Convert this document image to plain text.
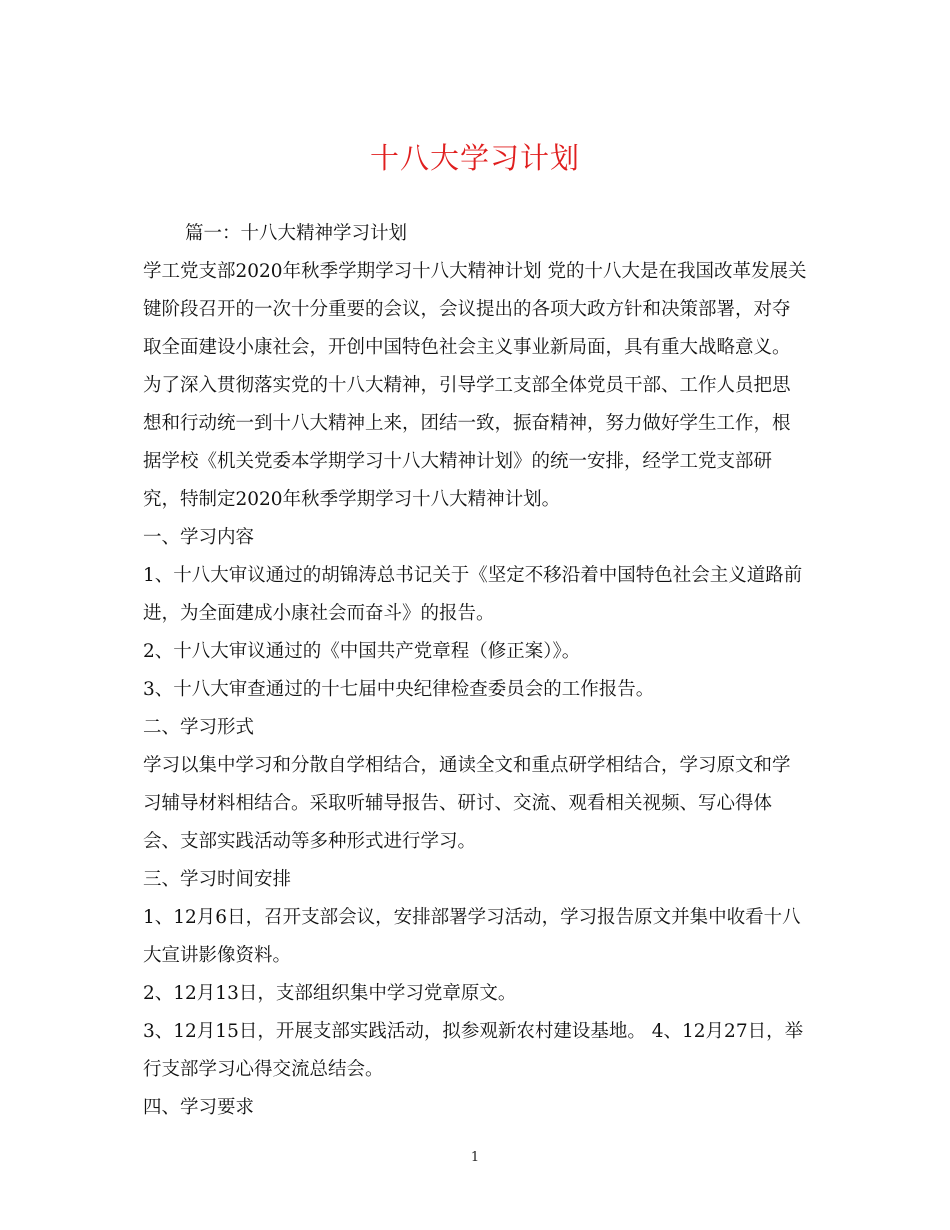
十八大学习计划
篇一：十八大精神学习计划
学工党支部2020年秋季学期学习十八大精神计划 党的十八大是在我国改革发展关
键阶段召开的一次十分重要的会议，会议提出的各项大政方针和决策部署，对夺
取全面建设小康社会，开创中国特色社会主义事业新局面，具有重大战略意义。
为了深入贯彻落实党的十八大精神，引导学工支部全体党员干部、工作人员把思
想和行动统一到十八大精神上来，团结一致，振奋精神，努力做好学生工作，根
据学校《机关党委本学期学习十八大精神计划》的统一安排，经学工党支部研
究，特制定2020年秋季学期学习十八大精神计划。
一、学习内容
1、十八大审议通过的胡锦涛总书记关于《坚定不移沿着中国特色社会主义道路前
进，为全面建成小康社会而奋斗》的报告。
2、十八大审议通过的《中国共产党章程（修正案）》。
3、十八大审查通过的十七届中央纪律检查委员会的工作报告。
二、学习形式
学习以集中学习和分散自学相结合，通读全文和重点研学相结合，学习原文和学
习辅导材料相结合。采取听辅导报告、研讨、交流、观看相关视频、写心得体
会、支部实践活动等多种形式进行学习。
三、学习时间安排
1、12月6日，召开支部会议，安排部署学习活动，学习报告原文并集中收看十八
大宣讲影像资料。
2、12月13日，支部组织集中学习党章原文。
3、12月15日，开展支部实践活动，拟参观新农村建设基地。 4、12月27日，举
行支部学习心得交流总结会。
四、学习要求
1
